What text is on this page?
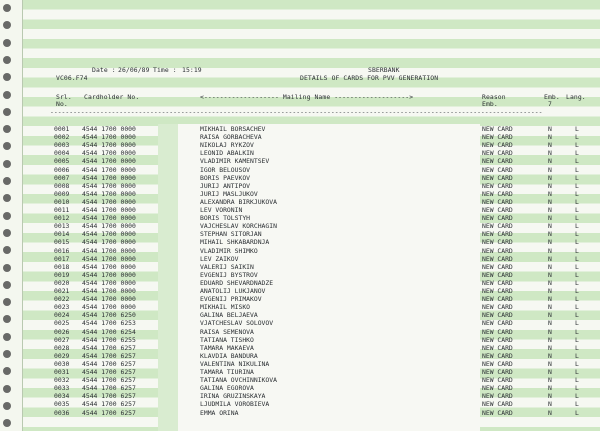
Date : 26/06/89 Time : 15:19	SBERBANK
VC06.F74	DETAILS OF CARDS FOR PVV GENERATION
Srl.
No.
Cardholder No.	<------------------- Mailing Name ------------------->	Reason
Emb.
Emb. Lang.
7
--------------------------------------------------------------------------------------------------------------------------------
0001 4544 1700 0000	MIKHAIL BORSACHEV	NEW CARD	N	L
0002 4544 1700 0000	RAISA GORBACHEVA	NEW CARD	N	L
0003 4544 1700 0000	NIKOLAJ RYKZOV	NEW CARD	N	L
0004 4544 1700 0000	LEONID ABALKIN	NEW CARD	N	L
0005 4544 1700 0000	VLADIMIR KAMENTSEV	NEW CARD	N	L
0006 4544 1700 0000	IGOR BELOUSOV	NEW CARD	N	L
0007 4544 1700 0000	BORIS PAEVKOV	NEW CARD	N	L
0008 4544 1700 0000	JURIJ ANTIPOV	NEW CARD	N	L
0009 4544 1700 0000	JURIJ MASLJUKOV	NEW CARD	N	L
0010 4544 1700 0000	ALEXANDRA BIRKJUKOVA	NEW CARD	N	L
0011 4544 1700 0000	LEV VORONIN	NEW CARD	N	L
0012 4544 1700 0000	BORIS TOLSTYH	NEW CARD	N	L
0013 4544 1700 0000	VAJCHESLAV KORCHAGIN	NEW CARD	N	L
0014 4544 1700 0000	STEPHAN SITORJAN	NEW CARD	N	L
0015 4544 1700 0000	MIHAIL SHKABARDNJA	NEW CARD	N	L
0016 4544 1700 0000	VLADIMIR SHIMKO	NEW CARD	N	L
0017 4544 1700 0000	LEV ZAIKOV	NEW CARD	N	L
0018 4544 1700 0000	VALERIJ SAIKIN	NEW CARD	N	L
0019 4544 1700 0000	EVGENIJ BYSTROV	NEW CARD	N	L
0020 4544 1700 0000	EDUARD SHEVARDNADZE	NEW CARD	N	L
0021 4544 1700 0000	ANATOLIJ LUKJANOV	NEW CARD	N	L
0022 4544 1700 0000	EVGENIJ PRIMAKOV	NEW CARD	N	L
0023 4544 1700 0000	MIKHAIL MISKO	NEW CARD	N	L
0024 4544 1700 6250	GALINA BELJAEVA	NEW CARD	N	L
0025 4544 1700 6253	VJATCHESLAV SOLOVOV	NEW CARD	N	L
0026 4544 1700 6254	RAISA SEMENOVA	NEW CARD	N	L
0027 4544 1700 6255	TATIANA TISHKO	NEW CARD	N	L
0028 4544 1700 6257	TAMARA MAKAEVA	NEW CARD	N	L
0029 4544 1700 6257	KLAVDIA BANDURA	NEW CARD	N	L
0030 4544 1700 6257	VALENTINA NIKULINA	NEW CARD	N	L
0031 4544 1700 6257	TAMARA TIURINA	NEW CARD	N	L
0032 4544 1700 6257	TATIANA OVCHINNIKOVA	NEW CARD	N	L
0033 4544 1700 6257	GALINA EGOROVA	NEW CARD	N	L
0034 4544 1700 6257	IRINA GRUZINSKAYA	NEW CARD	N	L
0035 4544 1700 6257	LJUDMILA VOROBIEVA	NEW CARD	N	L
0036 4544 1700 6257	EMMA ORINA	NEW CARD	N	L
